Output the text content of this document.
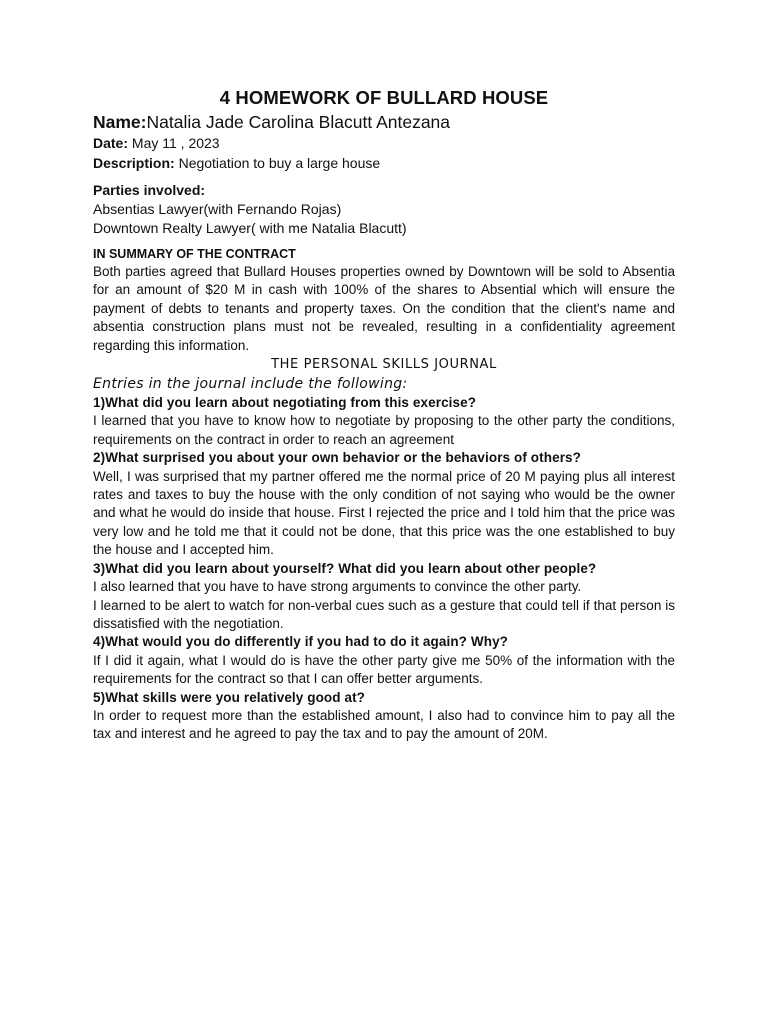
4 HOMEWORK OF BULLARD HOUSE
Name:Natalia Jade Carolina Blacutt Antezana
Date: May 11 , 2023
Description: Negotiation to buy a large house
Parties involved:
Absentias Lawyer(with Fernando Rojas)
Downtown Realty Lawyer( with me Natalia Blacutt)
IN SUMMARY OF THE CONTRACT

Both parties agreed that Bullard Houses properties owned by Downtown will be sold to Absentia for an amount of $20 M in cash with 100% of the shares to Absential which will ensure the payment of debts to tenants and property taxes. On the condition that the client's name and absentia construction plans must not be revealed, resulting in a confidentiality agreement regarding this information.

THE PERSONAL SKILLS JOURNAL
Entries in the journal include the following:
1)What did you learn about negotiating from this exercise?
I learned that you have to know how to negotiate by proposing to the other party the conditions, requirements on the contract in order to reach an agreement
2)What surprised you about your own behavior or the behaviors of others?
Well, I was surprised that my partner offered me the normal price of 20 M paying plus all interest rates and taxes to buy the house with the only condition of not saying who would be the owner and what he would do inside that house. First I rejected the price and I told him that the price was very low and he told me that it could not be done, that this price was the one established to buy the house and I accepted him.
3)What did you learn about yourself? What did you learn about other people?
I also learned that you have to have strong arguments to convince the other party.
I learned to be alert to watch for non-verbal cues such as a gesture that could tell if that person is dissatisfied with the negotiation.
4)What would you do differently if you had to do it again? Why?
If I did it again, what I would do is have the other party give me 50% of the information with the requirements for the contract so that I can offer better arguments.
5)What skills were you relatively good at?
In order to request more than the established amount, I also had to convince him to pay all the tax and interest and he agreed to pay the tax and to pay the amount of 20M.
